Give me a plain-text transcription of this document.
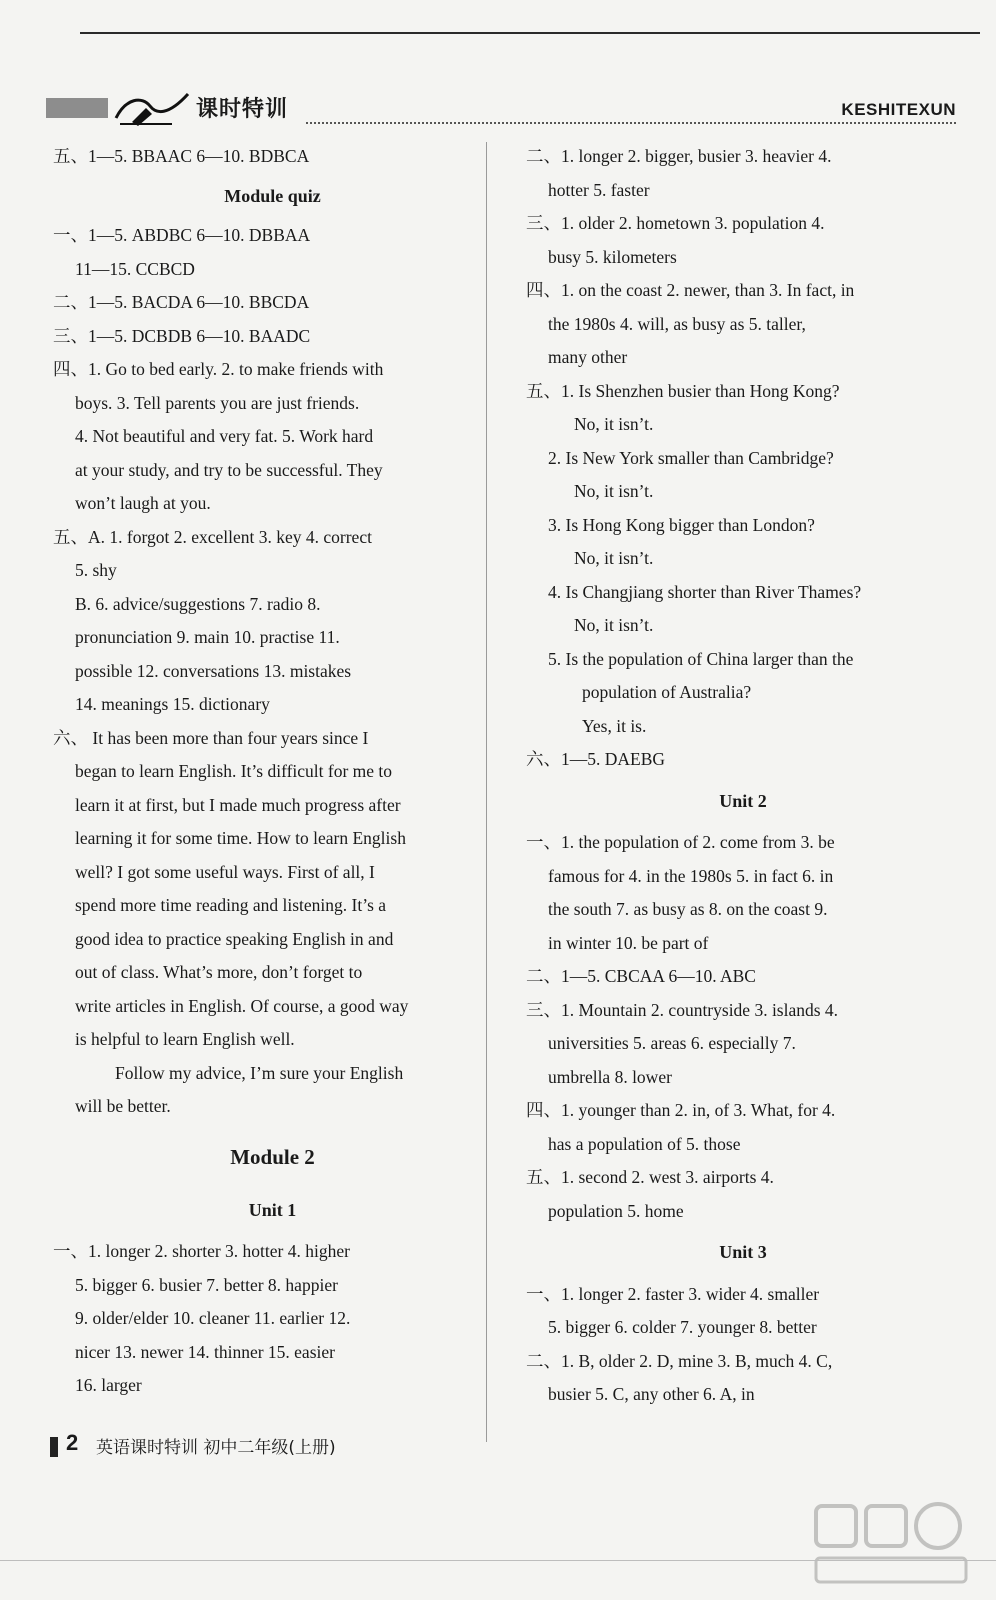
课时特训	KESHITEXUN
五、1—5. BBAAC 6—10. BDBCA
Module quiz
一、1—5. ABDBC 6—10. DBBAA
11—15. CCBCD
二、1—5. BACDA 6—10. BBCDA
三、1—5. DCBDB 6—10. BAADC
四、1. Go to bed early. 2. to make friends with
boys. 3. Tell parents you are just friends.
4. Not beautiful and very fat. 5. Work hard
at your study, and try to be successful. They
won’t laugh at you.
五、A. 1. forgot 2. excellent 3. key 4. correct
5. shy
B. 6. advice/suggestions 7. radio 8.
pronunciation 9. main 10. practise 11.
possible 12. conversations 13. mistakes
14. meanings 15. dictionary
六、 It has been more than four years since I
began to learn English. It’s difficult for me to
learn it at first, but I made much progress after
learning it for some time. How to learn English
well? I got some useful ways. First of all, I
spend more time reading and listening. It’s a
good idea to practice speaking English in and
out of class. What’s more, don’t forget to
write articles in English. Of course, a good way
is helpful to learn English well.
Follow my advice, I’m sure your English
will be better.
Module 2
Unit 1
一、1. longer 2. shorter 3. hotter 4. higher
5. bigger 6. busier 7. better 8. happier
9. older/elder 10. cleaner 11. earlier 12.
nicer 13. newer 14. thinner 15. easier
16. larger
二、1. longer 2. bigger, busier 3. heavier 4.
hotter 5. faster
三、1. older 2. hometown 3. population 4.
busy 5. kilometers
四、1. on the coast 2. newer, than 3. In fact, in
the 1980s 4. will, as busy as 5. taller,
many other
五、1. Is Shenzhen busier than Hong Kong?
No, it isn’t.
2. Is New York smaller than Cambridge?
No, it isn’t.
3. Is Hong Kong bigger than London?
No, it isn’t.
4. Is Changjiang shorter than River Thames?
No, it isn’t.
5. Is the population of China larger than the
population of Australia?
Yes, it is.
六、1—5. DAEBG
Unit 2
一、1. the population of 2. come from 3. be
famous for 4. in the 1980s 5. in fact 6. in
the south 7. as busy as 8. on the coast 9.
in winter 10. be part of
二、1—5. CBCAA 6—10. ABC
三、1. Mountain 2. countryside 3. islands 4.
universities 5. areas 6. especially 7.
umbrella 8. lower
四、1. younger than 2. in, of 3. What, for 4.
has a population of 5. those
五、1. second 2. west 3. airports 4.
population 5. home
Unit 3
一、1. longer 2. faster 3. wider 4. smaller
5. bigger 6. colder 7. younger 8. better
二、1. B, older 2. D, mine 3. B, much 4. C,
busier 5. C, any other 6. A, in
2 英语课时特训 初中二年级(上册)
